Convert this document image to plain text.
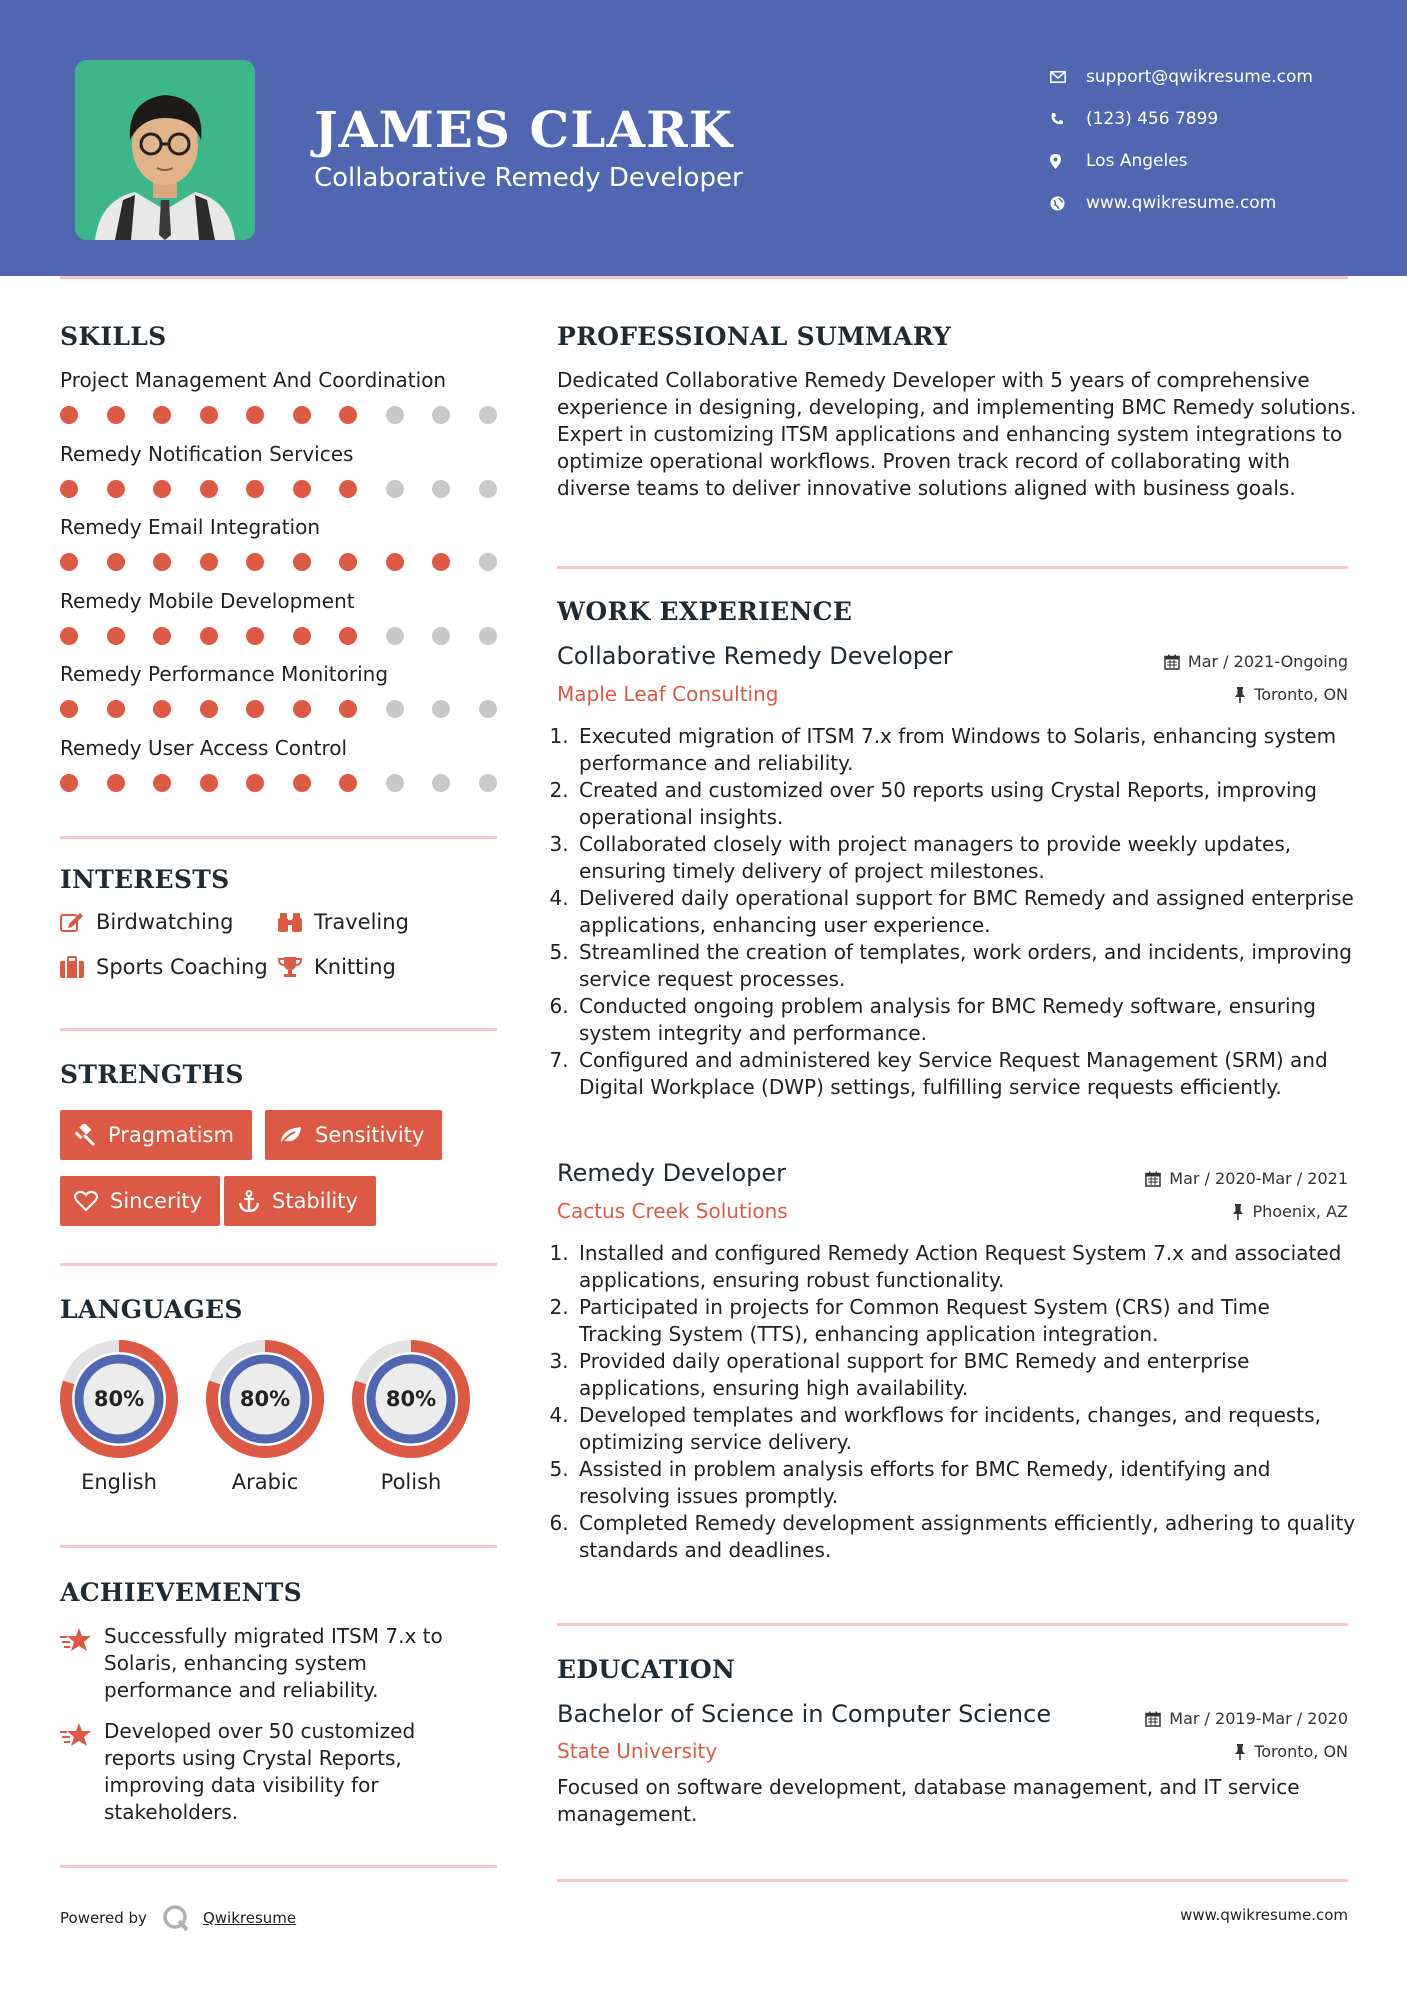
JAMES CLARK
Collaborative Remedy Developer
support@qwikresume.com
(123) 456 7899
Los Angeles
www.qwikresume.com
SKILLS
Project Management And Coordination
Remedy Notification Services
Remedy Email Integration
Remedy Mobile Development
Remedy Performance Monitoring
Remedy User Access Control
INTERESTS
Birdwatching	Traveling
Sports Coaching Knitting
STRENGTHS
Pragmatism	Sensitivity
Sincerity	Stability
LANGUAGES
80%
English
80%
Arabic
80%
Polish
ACHIEVEMENTS
Successfully migrated ITSM 7.x to Solaris, enhancing system performance and reliability.
Developed over 50 customized reports using Crystal Reports, improving data visibility for stakeholders.
PROFESSIONAL SUMMARY
Dedicated Collaborative Remedy Developer with 5 years of comprehensive experience in designing, developing, and implementing BMC Remedy solutions. Expert in customizing ITSM applications and enhancing system integrations to optimize operational workflows. Proven track record of collaborating with diverse teams to deliver innovative solutions aligned with business goals.
WORK EXPERIENCE
Collaborative Remedy Developer	Mar / 2021-Ongoing
Maple Leaf Consulting	Toronto, ON
1. Executed migration of ITSM 7.x from Windows to Solaris, enhancing system performance and reliability.
2. Created and customized over 50 reports using Crystal Reports, improving operational insights.
3. Collaborated closely with project managers to provide weekly updates, ensuring timely delivery of project milestones.
4. Delivered daily operational support for BMC Remedy and assigned enterprise applications, enhancing user experience.
5. Streamlined the creation of templates, work orders, and incidents, improving service request processes.
6. Conducted ongoing problem analysis for BMC Remedy software, ensuring system integrity and performance.
7. Configured and administered key Service Request Management (SRM) and Digital Workplace (DWP) settings, fulfilling service requests efficiently.
Remedy Developer	Mar / 2020-Mar / 2021
Cactus Creek Solutions	Phoenix, AZ
1. Installed and configured Remedy Action Request System 7.x and associated applications, ensuring robust functionality.
2. Participated in projects for Common Request System (CRS) and Time Tracking System (TTS), enhancing application integration.
3. Provided daily operational support for BMC Remedy and enterprise applications, ensuring high availability.
4. Developed templates and workflows for incidents, changes, and requests, optimizing service delivery.
5. Assisted in problem analysis efforts for BMC Remedy, identifying and resolving issues promptly.
6. Completed Remedy development assignments efficiently, adhering to quality standards and deadlines.
EDUCATION
Bachelor of Science in Computer Science	Mar / 2019-Mar / 2020
State University	Toronto, ON
Focused on software development, database management, and IT service management.
Powered by	Qwikresume	www.qwikresume.com
